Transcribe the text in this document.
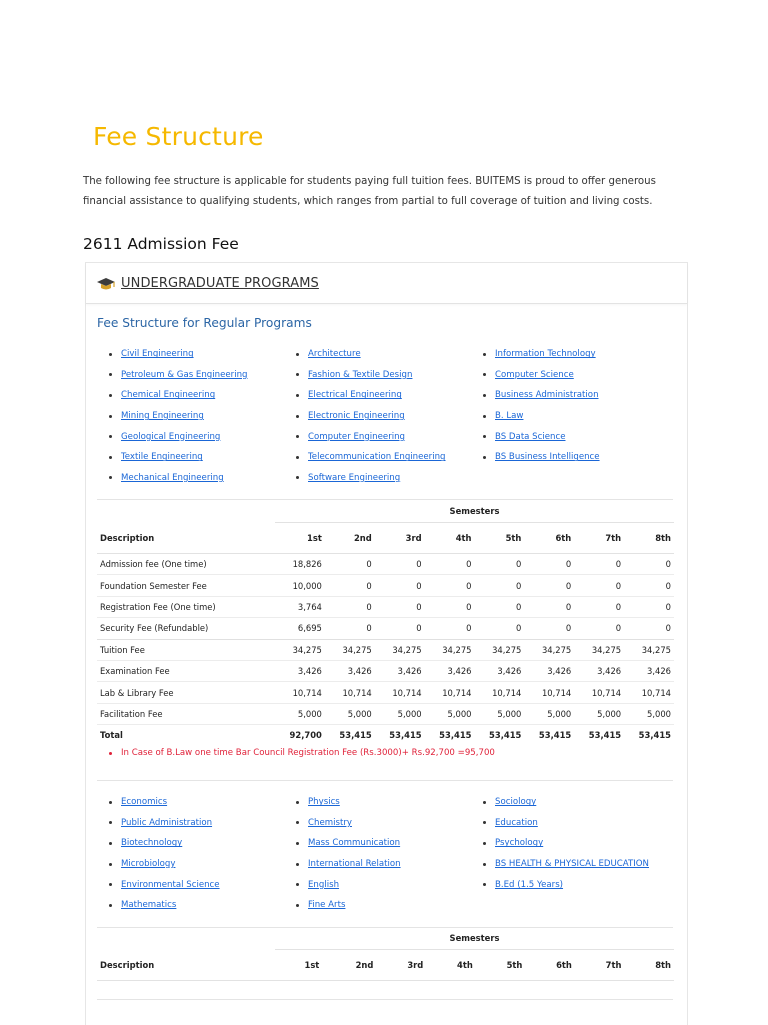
Fee Structure

The following fee structure is applicable for students paying full tuition fees. BUITEMS is proud to offer generous financial assistance to qualifying students, which ranges from partial to full coverage of tuition and living costs.

2611 Admission Fee
UNDERGRADUATE PROGRAMS
Fee Structure for Regular Programs
Civil Engineering
Petroleum & Gas Engineering
Chemical Engineering
Mining Engineering
Geological Engineering
Textile Engineering
Mechanical Engineering
Architecture
Fashion & Textile Design
Electrical Engineering
Electronic Engineering
Computer Engineering
Telecommunication Engineering
Software Engineering
Information Technology
Computer Science
Business Administration
B. Law
BS Data Science
BS Business Intelligence
	Semesters							
Description	1st	2nd	3rd	4th	5th	6th	7th	8th
Admission fee (One time)	18,826	0	0	0	0	0	0	0
Foundation Semester Fee	10,000	0	0	0	0	0	0	0
Registration Fee (One time)	3,764	0	0	0	0	0	0	0
Security Fee (Refundable)	6,695	0	0	0	0	0	0	0
Tuition Fee	34,275	34,275	34,275	34,275	34,275	34,275	34,275	34,275
Examination Fee	3,426	3,426	3,426	3,426	3,426	3,426	3,426	3,426
Lab & Library Fee	10,714	10,714	10,714	10,714	10,714	10,714	10,714	10,714
Facilitation Fee	5,000	5,000	5,000	5,000	5,000	5,000	5,000	5,000
Total	92,700	53,415	53,415	53,415	53,415	53,415	53,415	53,415
In Case of B.Law one time Bar Council Registration Fee (Rs.3000)+ Rs.92,700 =95,700
Economics
Public Administration
Biotechnology
Microbiology
Environmental Science
Mathematics
Physics
Chemistry
Mass Communication
International Relation
English
Fine Arts
Sociology
Education
Psychology
BS HEALTH & PHYSICAL EDUCATION
B.Ed (1.5 Years)
	Semesters							
Description	1st	2nd	3rd	4th	5th	6th	7th	8th
